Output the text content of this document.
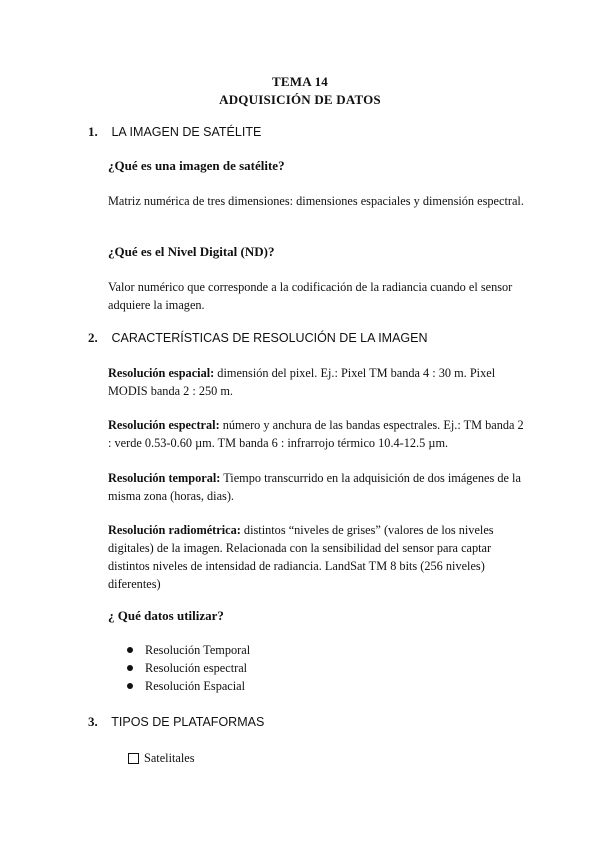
TEMA 14
ADQUISICIÓN DE DATOS
1. LA IMAGEN DE SATÉLITE
¿Qué es una imagen de satélite?
Matriz numérica de tres dimensiones: dimensiones espaciales y dimensión espectral.
¿Qué es el Nivel Digital (ND)?
Valor numérico que corresponde a la codificación de la radiancia cuando el sensor adquiere la imagen.
2. CARACTERÍSTICAS DE RESOLUCIÓN DE LA IMAGEN
Resolución espacial: dimensión del pixel. Ej.: Pixel TM banda 4 : 30 m. Pixel MODIS banda 2 : 250 m.
Resolución espectral: número y anchura de las bandas espectrales. Ej.: TM banda 2 : verde 0.53-0.60 µm. TM banda 6 : infrarrojo térmico 10.4-12.5 µm.
Resolución temporal: Tiempo transcurrido en la adquisición de dos imágenes de la misma zona (horas, dias).
Resolución radiométrica: distintos “niveles de grises” (valores de los niveles digitales) de la imagen. Relacionada con la sensibilidad del sensor para captar distintos niveles de intensidad de radiancia. LandSat TM 8 bits (256 niveles) diferentes)
¿ Qué datos utilizar?
Resolución Temporal
Resolución espectral
Resolución Espacial
3. TIPOS DE PLATAFORMAS
Satelitales
